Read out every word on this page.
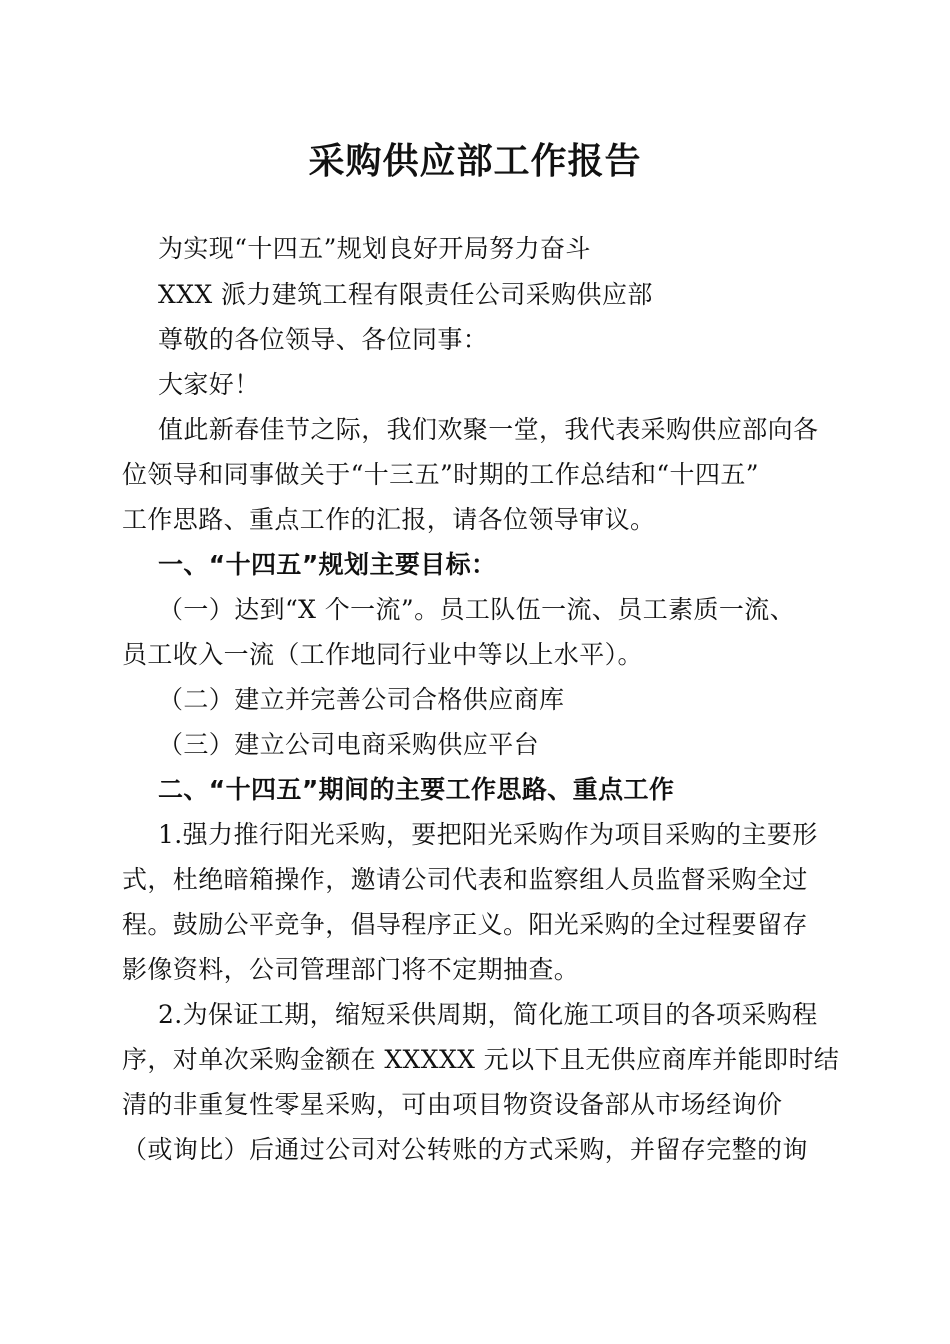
采购供应部工作报告
为实现“十四五”规划良好开局努力奋斗
XXX 派力建筑工程有限责任公司采购供应部
尊敬的各位领导、各位同事：
大家好！
值此新春佳节之际，我们欢聚一堂，我代表采购供应部向各
位领导和同事做关于“十三五”时期的工作总结和“十四五”
工作思路、重点工作的汇报，请各位领导审议。
一、“十四五”规划主要目标：
（一）达到“X 个一流”。员工队伍一流、员工素质一流、
员工收入一流（工作地同行业中等以上水平）。
（二）建立并完善公司合格供应商库
（三）建立公司电商采购供应平台
二、“十四五”期间的主要工作思路、重点工作
1.强力推行阳光采购，要把阳光采购作为项目采购的主要形
式，杜绝暗箱操作，邀请公司代表和监察组人员监督采购全过
程。鼓励公平竞争，倡导程序正义。阳光采购的全过程要留存
影像资料，公司管理部门将不定期抽查。
2.为保证工期，缩短采供周期，简化施工项目的各项采购程
序，对单次采购金额在 XXXXX 元以下且无供应商库并能即时结
清的非重复性零星采购，可由项目物资设备部从市场经询价
（或询比）后通过公司对公转账的方式采购，并留存完整的询
